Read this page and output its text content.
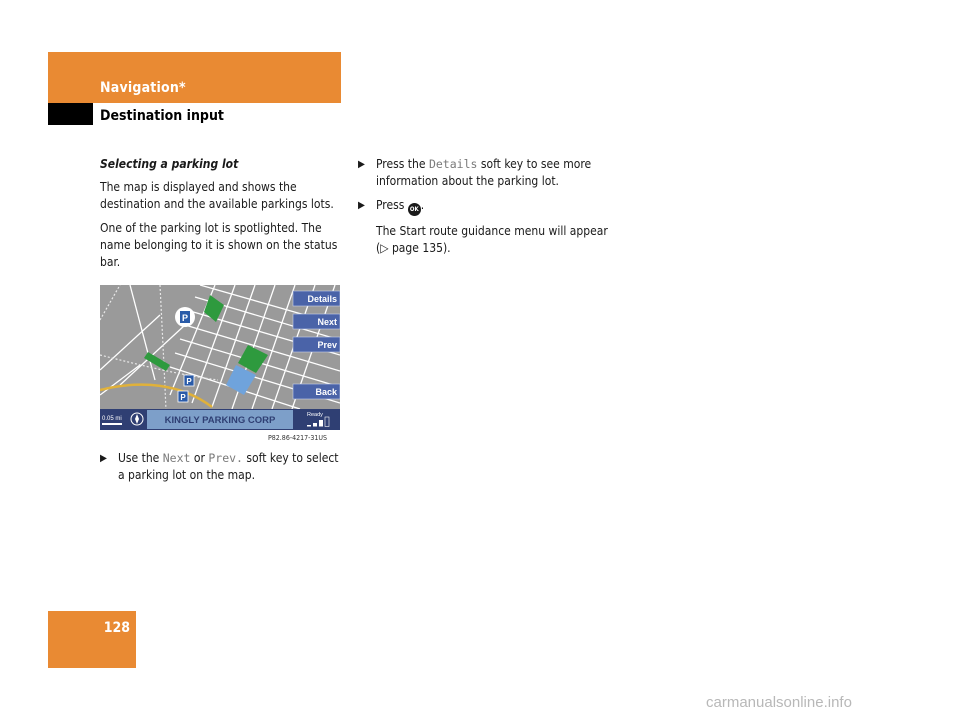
Navigation*
Destination input
Selecting a parking lot

The map is displayed and shows the destination and the available parkings lots.

One of the parking lot is spotlighted. The name belonging to it is shown on the status bar.

P
P
P
Details
Next
Prev
Back
0.05 mi	KINGLY PARKING CORP	Ready
P82.86-4217-31US
▶ Use the Next or Prev. soft key to select a parking lot on the map.
▶ Press the Details soft key to see more information about the parking lot.
▶ Press OK .

The Start route guidance menu will appear (▷ page 135).

128
carmanualsonline.info
